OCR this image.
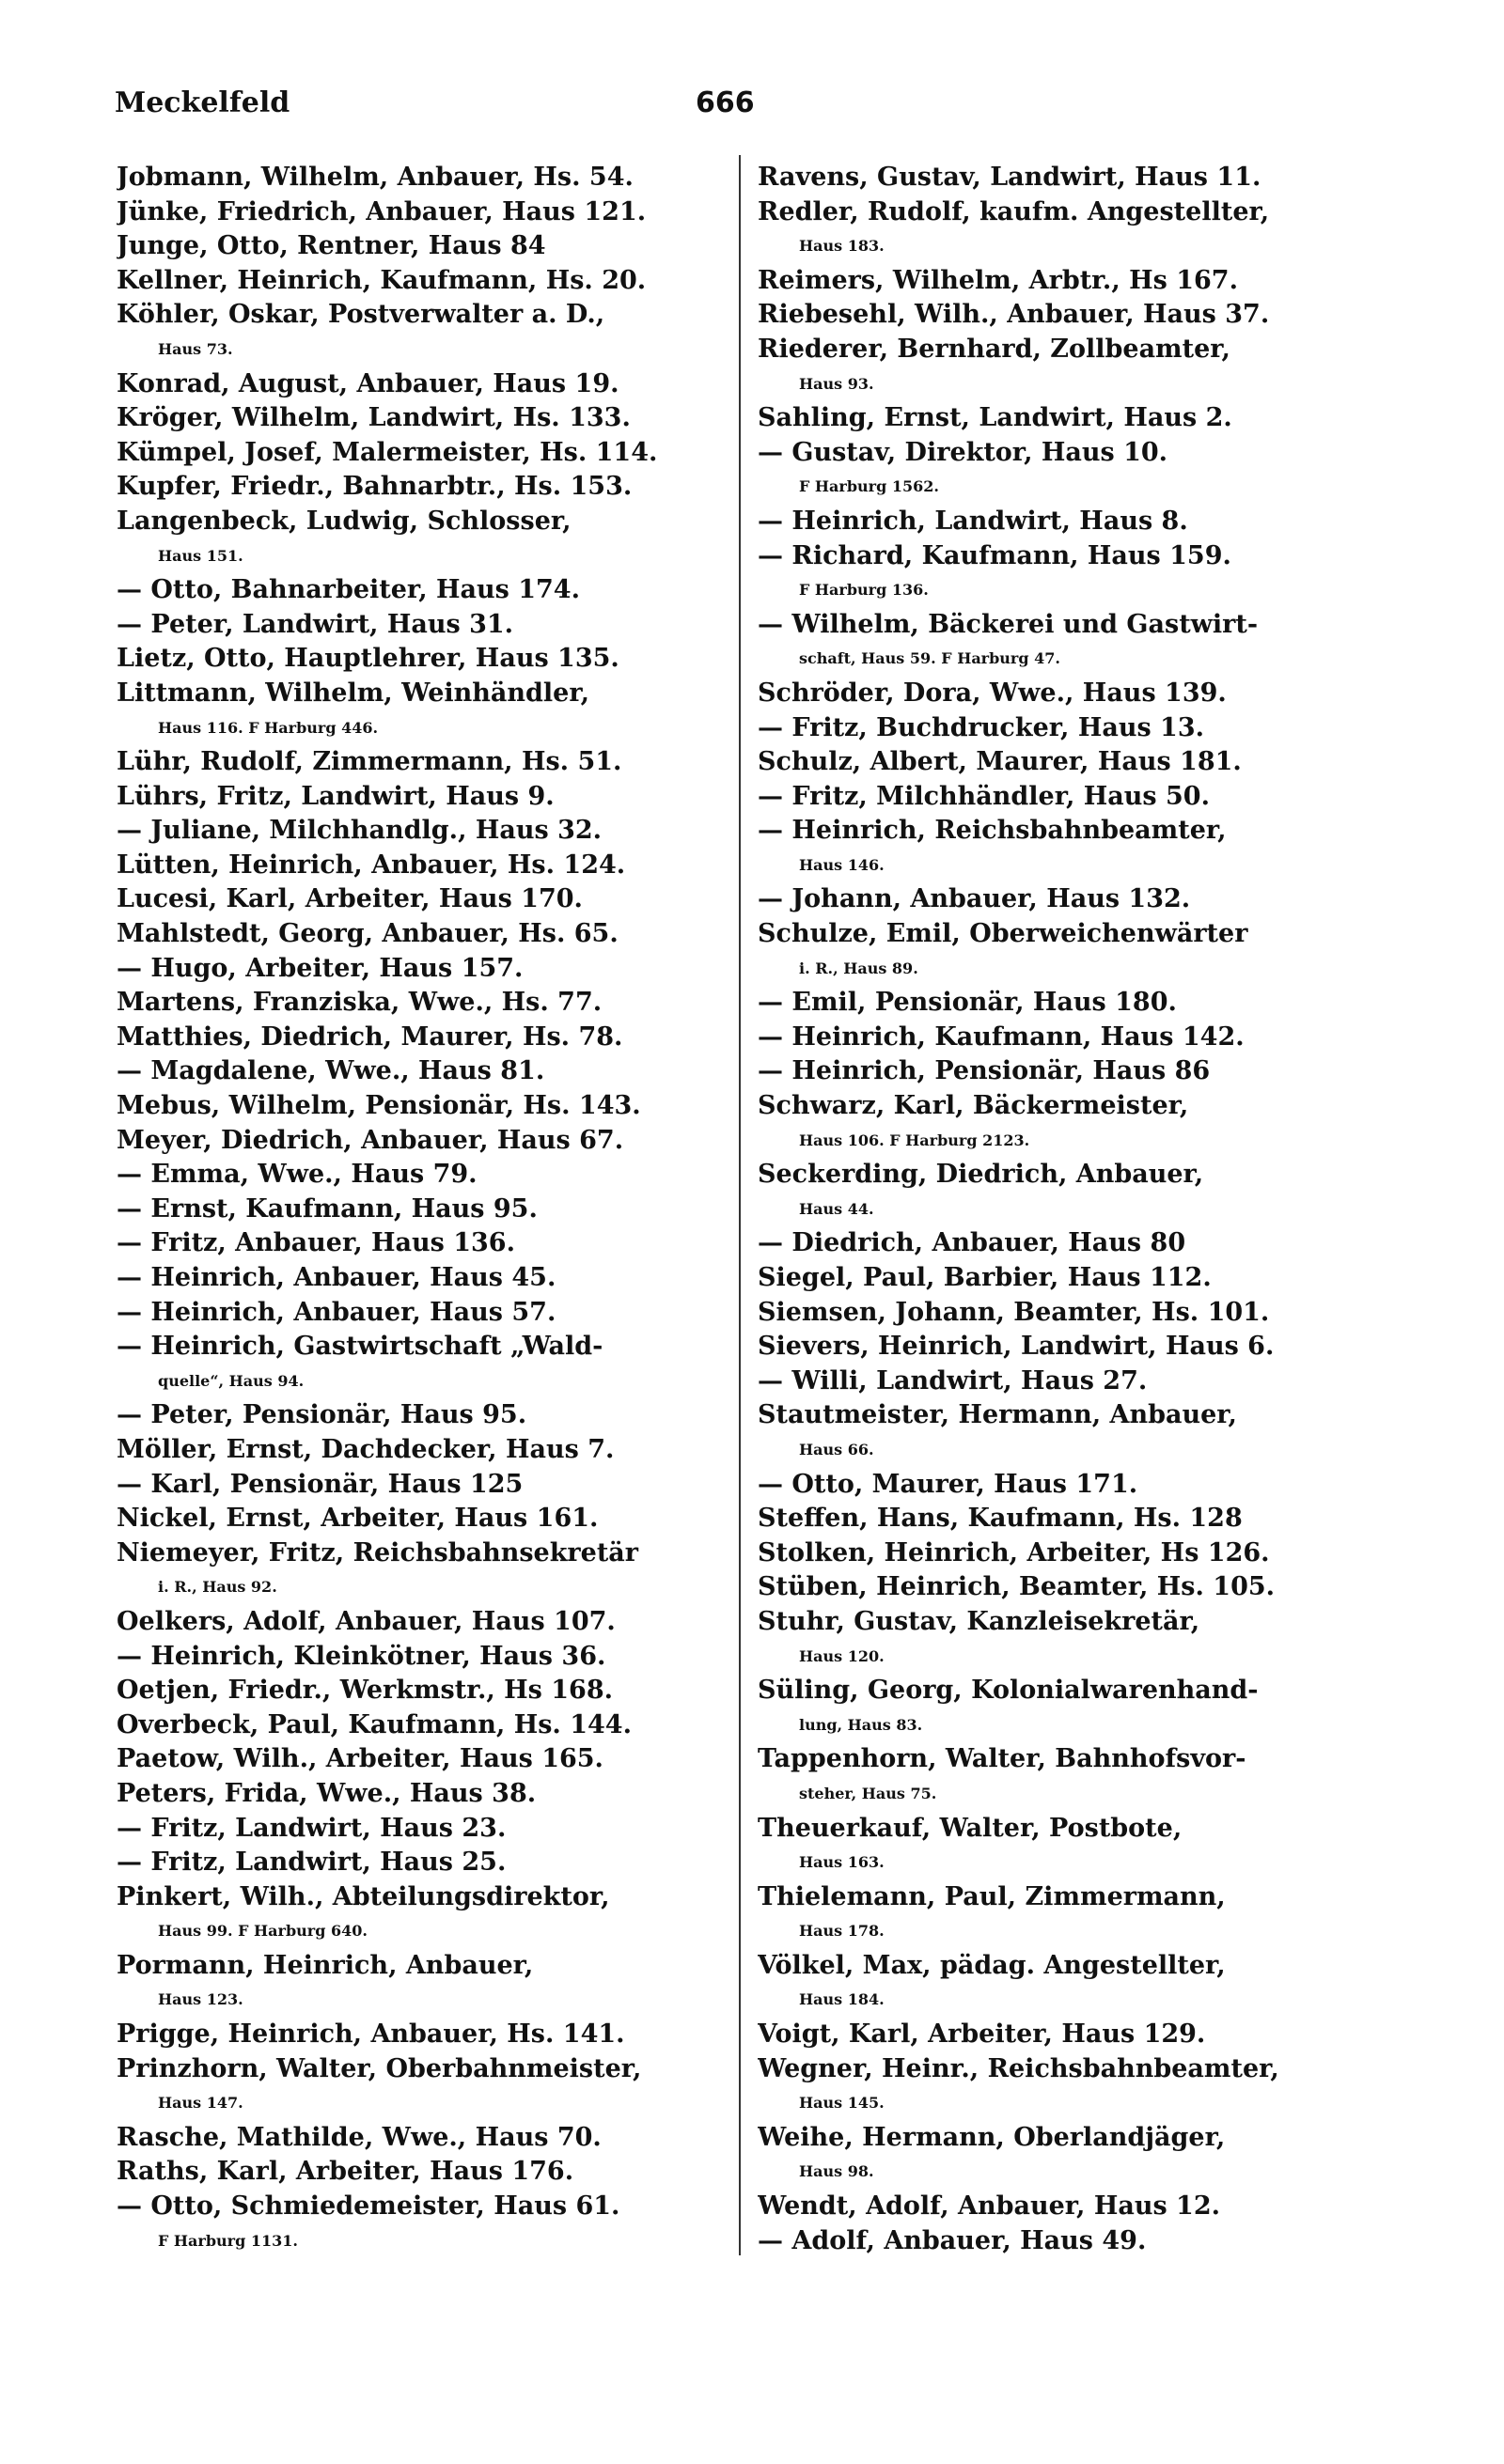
Meckelfeld	666
Jobmann, Wilhelm, Anbauer, Hs. 54.
Jünke, Friedrich, Anbauer, Haus 121.
Junge, Otto, Rentner, Haus 84
Kellner, Heinrich, Kaufmann, Hs. 20.
Köhler, Oskar, Postverwalter a. D.,
Haus 73.
Konrad, August, Anbauer, Haus 19.
Kröger, Wilhelm, Landwirt, Hs. 133.
Kümpel, Josef, Malermeister, Hs. 114.
Kupfer, Friedr., Bahnarbtr., Hs. 153.
Langenbeck, Ludwig, Schlosser,
Haus 151.
— Otto, Bahnarbeiter, Haus 174.
— Peter, Landwirt, Haus 31.
Lietz, Otto, Hauptlehrer, Haus 135.
Littmann, Wilhelm, Weinhändler,
Haus 116. F Harburg 446.
Lühr, Rudolf, Zimmermann, Hs. 51.
Lührs, Fritz, Landwirt, Haus 9.
— Juliane, Milchhandlg., Haus 32.
Lütten, Heinrich, Anbauer, Hs. 124.
Lucesi, Karl, Arbeiter, Haus 170.
Mahlstedt, Georg, Anbauer, Hs. 65.
— Hugo, Arbeiter, Haus 157.
Martens, Franziska, Wwe., Hs. 77.
Matthies, Diedrich, Maurer, Hs. 78.
— Magdalene, Wwe., Haus 81.
Mebus, Wilhelm, Pensionär, Hs. 143.
Meyer, Diedrich, Anbauer, Haus 67.
— Emma, Wwe., Haus 79.
— Ernst, Kaufmann, Haus 95.
— Fritz, Anbauer, Haus 136.
— Heinrich, Anbauer, Haus 45.
— Heinrich, Anbauer, Haus 57.
— Heinrich, Gastwirtschaft „Wald-
quelle“, Haus 94.
— Peter, Pensionär, Haus 95.
Möller, Ernst, Dachdecker, Haus 7.
— Karl, Pensionär, Haus 125
Nickel, Ernst, Arbeiter, Haus 161.
Niemeyer, Fritz, Reichsbahnsekretär
i. R., Haus 92.
Oelkers, Adolf, Anbauer, Haus 107.
— Heinrich, Kleinkötner, Haus 36.
Oetjen, Friedr., Werkmstr., Hs 168.
Overbeck, Paul, Kaufmann, Hs. 144.
Paetow, Wilh., Arbeiter, Haus 165.
Peters, Frida, Wwe., Haus 38.
— Fritz, Landwirt, Haus 23.
— Fritz, Landwirt, Haus 25.
Pinkert, Wilh., Abteilungsdirektor,
Haus 99. F Harburg 640.
Pormann, Heinrich, Anbauer,
Haus 123.
Prigge, Heinrich, Anbauer, Hs. 141.
Prinzhorn, Walter, Oberbahnmeister,
Haus 147.
Rasche, Mathilde, Wwe., Haus 70.
Raths, Karl, Arbeiter, Haus 176.
— Otto, Schmiedemeister, Haus 61.
F Harburg 1131.
Ravens, Gustav, Landwirt, Haus 11.
Redler, Rudolf, kaufm. Angestellter,
Haus 183.
Reimers, Wilhelm, Arbtr., Hs 167.
Riebesehl, Wilh., Anbauer, Haus 37.
Riederer, Bernhard, Zollbeamter,
Haus 93.
Sahling, Ernst, Landwirt, Haus 2.
— Gustav, Direktor, Haus 10.
F Harburg 1562.
— Heinrich, Landwirt, Haus 8.
— Richard, Kaufmann, Haus 159.
F Harburg 136.
— Wilhelm, Bäckerei und Gastwirt-
schaft, Haus 59. F Harburg 47.
Schröder, Dora, Wwe., Haus 139.
— Fritz, Buchdrucker, Haus 13.
Schulz, Albert, Maurer, Haus 181.
— Fritz, Milchhändler, Haus 50.
— Heinrich, Reichsbahnbeamter,
Haus 146.
— Johann, Anbauer, Haus 132.
Schulze, Emil, Oberweichenwärter
i. R., Haus 89.
— Emil, Pensionär, Haus 180.
— Heinrich, Kaufmann, Haus 142.
— Heinrich, Pensionär, Haus 86
Schwarz, Karl, Bäckermeister,
Haus 106. F Harburg 2123.
Seckerding, Diedrich, Anbauer,
Haus 44.
— Diedrich, Anbauer, Haus 80
Siegel, Paul, Barbier, Haus 112.
Siemsen, Johann, Beamter, Hs. 101.
Sievers, Heinrich, Landwirt, Haus 6.
— Willi, Landwirt, Haus 27.
Stautmeister, Hermann, Anbauer,
Haus 66.
— Otto, Maurer, Haus 171.
Steffen, Hans, Kaufmann, Hs. 128
Stolken, Heinrich, Arbeiter, Hs 126.
Stüben, Heinrich, Beamter, Hs. 105.
Stuhr, Gustav, Kanzleisekretär,
Haus 120.
Süling, Georg, Kolonialwarenhand-
lung, Haus 83.
Tappenhorn, Walter, Bahnhofsvor-
steher, Haus 75.
Theuerkauf, Walter, Postbote,
Haus 163.
Thielemann, Paul, Zimmermann,
Haus 178.
Völkel, Max, pädag. Angestellter,
Haus 184.
Voigt, Karl, Arbeiter, Haus 129.
Wegner, Heinr., Reichsbahnbeamter,
Haus 145.
Weihe, Hermann, Oberlandjäger,
Haus 98.
Wendt, Adolf, Anbauer, Haus 12.
— Adolf, Anbauer, Haus 49.
